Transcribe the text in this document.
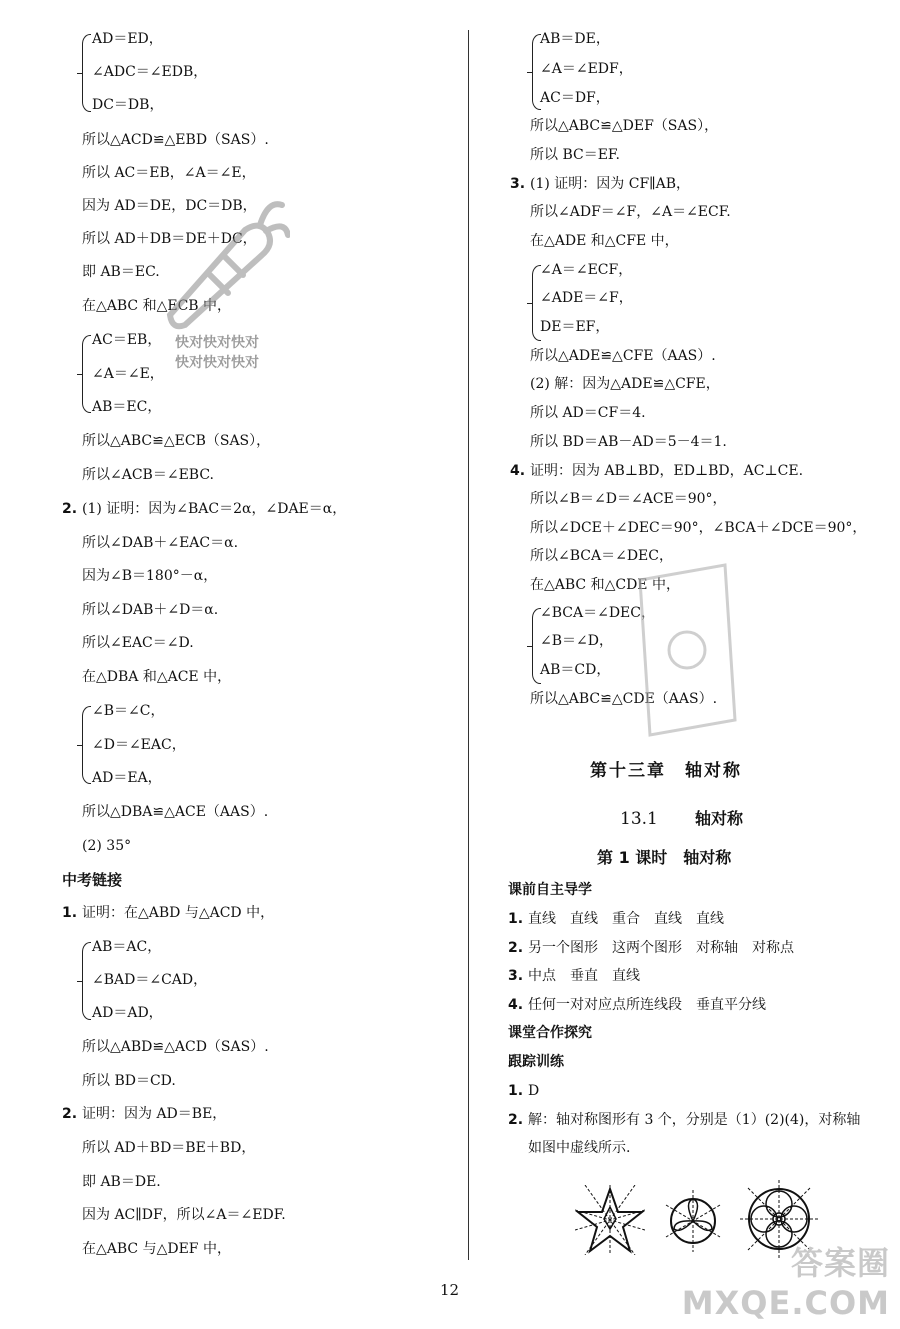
AD＝ED，
∠ADC＝∠EDB，
DC＝DB，
所以△ACD≌△EBD（SAS）.
所以 AC＝EB，∠A＝∠E，
因为 AD＝DE，DC＝DB，
所以 AD＋DB＝DE＋DC，
即 AB＝EC.
在△ABC 和△ECB 中，
AC＝EB，
∠A＝∠E，
AB＝EC，
所以△ABC≌△ECB（SAS），
所以∠ACB＝∠EBC.
2. (1) 证明：因为∠BAC＝2α，∠DAE＝α，
所以∠DAB＋∠EAC＝α.
因为∠B＝180°－α，
所以∠DAB＋∠D＝α.
所以∠EAC＝∠D.
在△DBA 和△ACE 中，
∠B＝∠C，
∠D＝∠EAC，
AD＝EA，
所以△DBA≌△ACE（AAS）.
(2) 35°
中考链接
1. 证明：在△ABD 与△ACD 中，
AB＝AC，
∠BAD＝∠CAD，
AD＝AD，
所以△ABD≌△ACD（SAS）.
所以 BD＝CD.
2. 证明：因为 AD＝BE，
所以 AD＋BD＝BE＋BD，
即 AB＝DE.
因为 AC∥DF，所以∠A＝∠EDF.
在△ABC 与△DEF 中，
快对快对快对
快对快对快对
AB＝DE，
∠A＝∠EDF，
AC＝DF，
所以△ABC≌△DEF（SAS），
所以 BC＝EF.
3. (1) 证明：因为 CF∥AB，
所以∠ADF＝∠F，∠A＝∠ECF.
在△ADE 和△CFE 中，
∠A＝∠ECF，
∠ADE＝∠F，
DE＝EF，
所以△ADE≌△CFE（AAS）.
(2) 解：因为△ADE≌△CFE，
所以 AD＝CF＝4.
所以 BD＝AB－AD＝5－4＝1.
4. 证明：因为 AB⊥BD，ED⊥BD，AC⊥CE.
所以∠B＝∠D＝∠ACE＝90°，
所以∠DCE＋∠DEC＝90°，∠BCA＋∠DCE＝90°，
所以∠BCA＝∠DEC，
在△ABC 和△CDE 中，
∠BCA＝∠DEC，
∠B＝∠D，
AB＝CD，
所以△ABC≌△CDE（AAS）.
第十三章　轴对称
13.1 轴对称
第 1 课时　轴对称
课前自主导学
1. 直线　直线　重合　直线　直线
2. 另一个图形　这两个图形　对称轴　对称点
3. 中点　垂直　直线
4. 任何一对对应点所连线段　垂直平分线
课堂合作探究
跟踪训练
1. D
2. 解：轴对称图形有 3 个，分别是（1）(2)(4)，对称轴
如图中虚线所示.
12
答案圈
MXQE.COM
